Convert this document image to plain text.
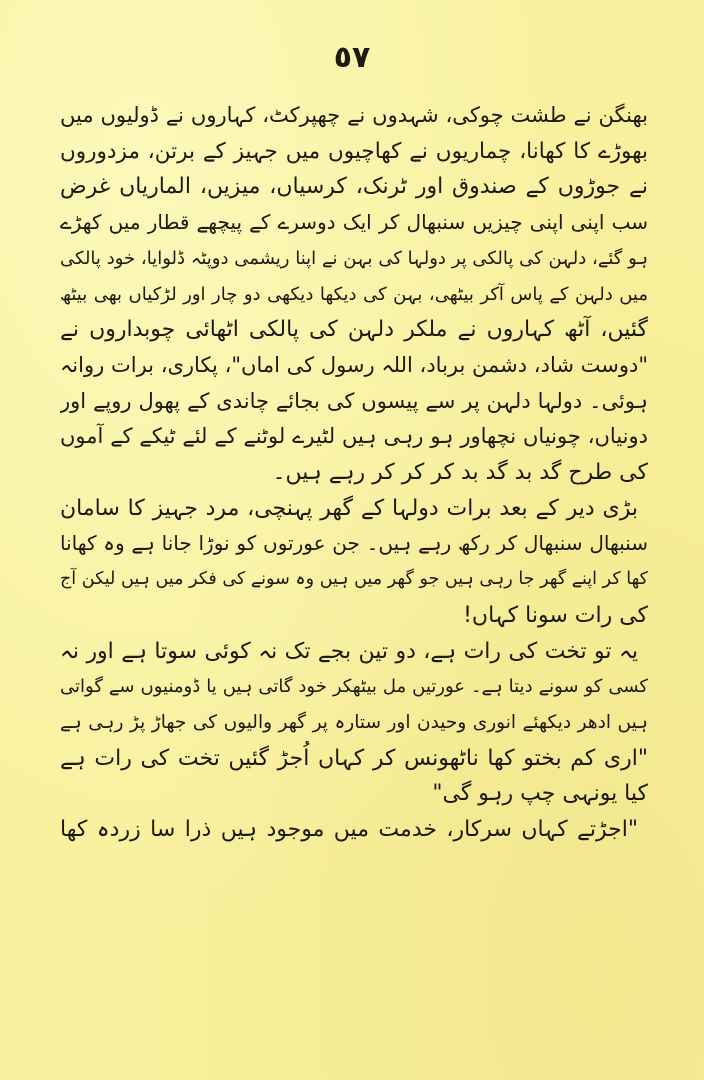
٥٧
بھنگن نے طشت چوکی، شہدوں نے چھپرکٹ، کہاروں نے ڈولیوں میں
بھوڑے کا کھانا، چماریوں نے کھاچیوں میں جہیز کے برتن، مزدوروں
نے جوڑوں کے صندوق اور ٹرنک، کرسیاں، میزیں، الماریاں غرض
سب اپنی اپنی چیزیں سنبھال کر ایک دوسرے کے پیچھے قطار میں کھڑے
ہو گئے، دلہن کی پالکی پر دولہا کی بہن نے اپنا ریشمی دوپٹہ ڈلوایا، خود پالکی
میں دلہن کے پاس آکر بیٹھی، بہن کی دیکھا دیکھی دو چار اور لڑکیاں بھی بیٹھ
گئیں، آٹھ کہاروں نے ملکر دلہن کی پالکی اٹھائی چوبداروں نے
"دوست شاد، دشمن برباد، اللہ رسول کی اماں"، پکاری، برات روانہ
ہوئی۔ دولہا دلہن پر سے پیسوں کی بجائے چاندی کے پھول روپے اور
دونیاں، چونیاں نچھاور ہو رہی ہیں لٹیرے لوٹنے کے لئے ٹیکے کے آموں
کی طرح گد بد گد بد کر کر کر رہے ہیں۔
بڑی دیر کے بعد برات دولہا کے گھر پہنچی، مرد جہیز کا سامان
سنبھال سنبھال کر رکھ رہے ہیں۔ جن عورتوں کو نوڑا جانا ہے وہ کھانا
کھا کر اپنے گھر جا رہی ہیں جو گھر میں ہیں وہ سونے کی فکر میں ہیں لیکن آج
کی رات سونا کہاں!
یہ تو تخت کی رات ہے، دو تین بجے تک نہ کوئی سوتا ہے اور نہ
کسی کو سونے دیتا ہے۔ عورتیں مل بیٹھکر خود گاتی ہیں یا ڈومنیوں سے گواتی
ہیں ادھر دیکھئے انوری وحیدن اور ستارہ پر گھر والیوں کی جھاڑ پڑ رہی ہے
"اری کم بختو کھا ناٹھونس کر کہاں اُجڑ گئیں تخت کی رات ہے
کیا یونہی چپ رہو گی"
"اجڑتے کہاں سرکار، خدمت میں موجود ہیں ذرا سا زردہ کھا
